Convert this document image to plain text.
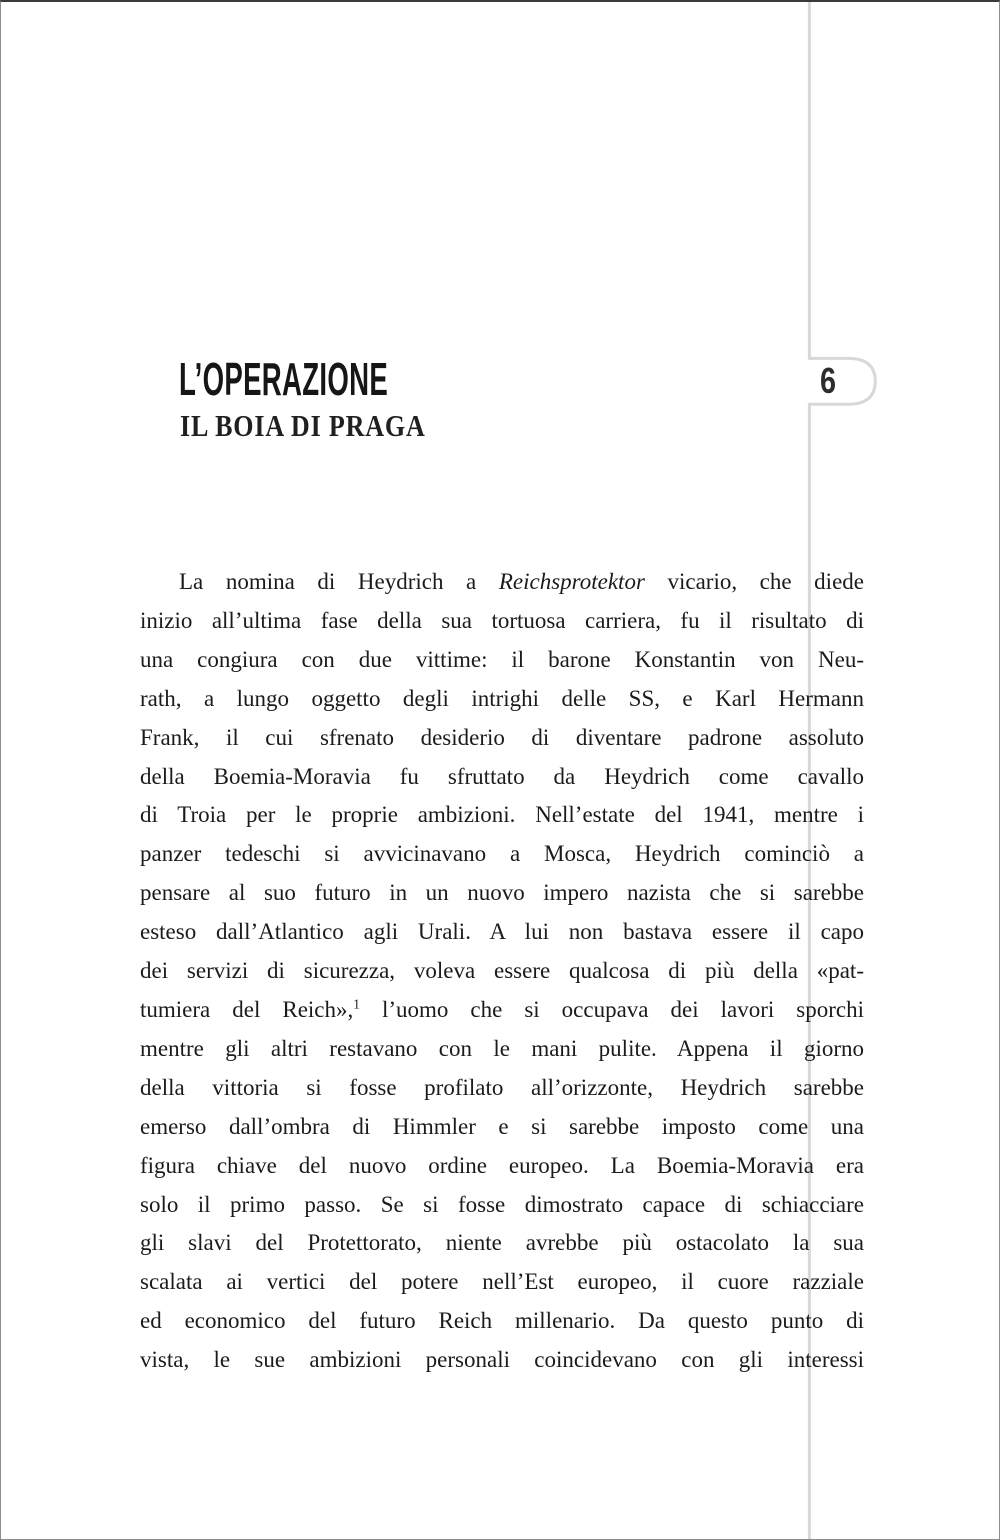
6
L’OPERAZIONE
IL BOIA DI PRAGA
La nomina di Heydrich a Reichsprotektor vicario, che diede
inizio all’ultima fase della sua tortuosa carriera, fu il risultato di
una congiura con due vittime: il barone Konstantin von Neu-
rath, a lungo oggetto degli intrighi delle SS, e Karl Hermann
Frank, il cui sfrenato desiderio di diventare padrone assoluto
della Boemia-Moravia fu sfruttato da Heydrich come cavallo
di Troia per le proprie ambizioni. Nell’estate del 1941, mentre i
panzer tedeschi si avvicinavano a Mosca, Heydrich cominciò a
pensare al suo futuro in un nuovo impero nazista che si sarebbe
esteso dall’Atlantico agli Urali. A lui non bastava essere il capo
dei servizi di sicurezza, voleva essere qualcosa di più della «pat-
tumiera del Reich»,$^1$ l’uomo che si occupava dei lavori sporchi
mentre gli altri restavano con le mani pulite. Appena il giorno
della vittoria si fosse profilato all’orizzonte, Heydrich sarebbe
emerso dall’ombra di Himmler e si sarebbe imposto come una
figura chiave del nuovo ordine europeo. La Boemia-Moravia era
solo il primo passo. Se si fosse dimostrato capace di schiacciare
gli slavi del Protettorato, niente avrebbe più ostacolato la sua
scalata ai vertici del potere nell’Est europeo, il cuore razziale
ed economico del futuro Reich millenario. Da questo punto di
vista, le sue ambizioni personali coincidevano con gli interessi
